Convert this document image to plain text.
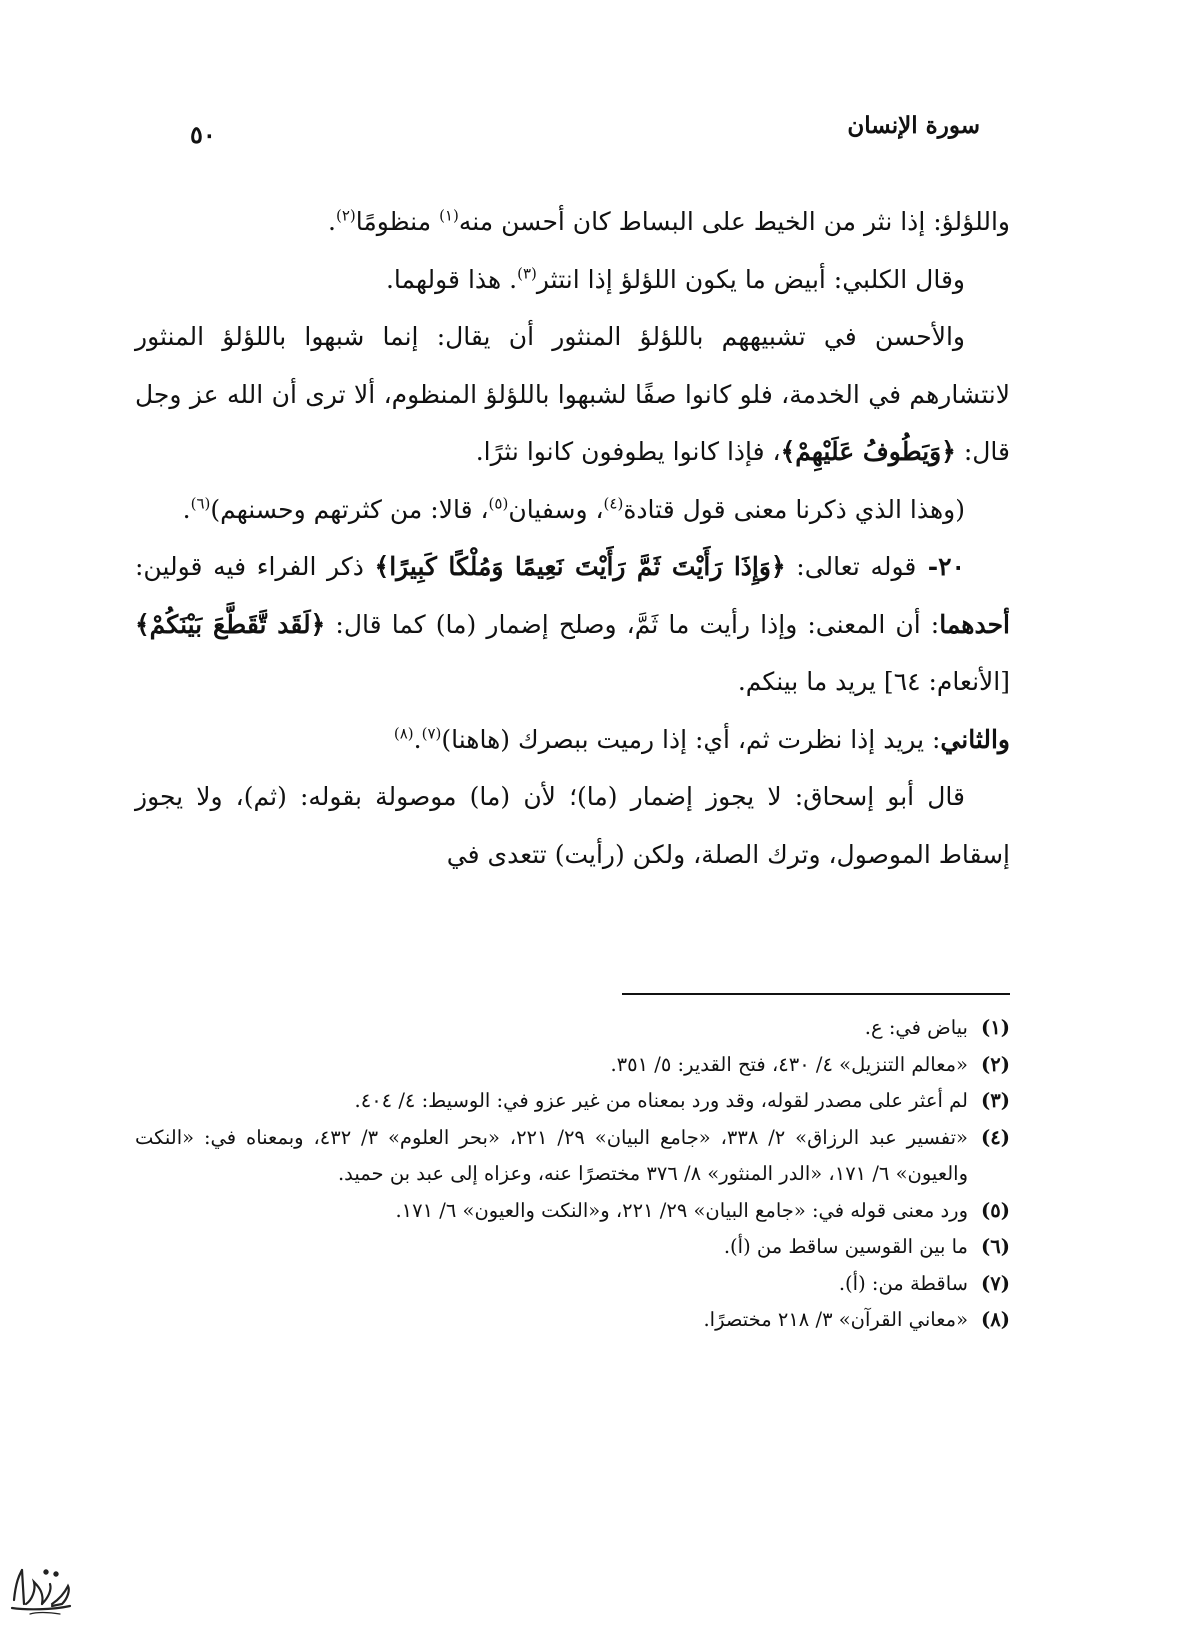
سورة الإنسان
٥٠

واللؤلؤ: إذا نثر من الخيط على البساط كان أحسن منه$^{(١)}$ منظومًا$^{(٢)}$.

وقال الكلبي: أبيض ما يكون اللؤلؤ إذا انتثر$^{(٣)}$. هذا قولهما.

والأحسن في تشبيههم باللؤلؤ المنثور أن يقال: إنما شبهوا باللؤلؤ المنثور لانتشارهم في الخدمة، فلو كانوا صفًا لشبهوا باللؤلؤ المنظوم، ألا ترى أن الله عز وجل قال: ﴿وَيَطُوفُ عَلَيْهِمْ﴾، فإذا كانوا يطوفون كانوا نثرًا.

(وهذا الذي ذكرنا معنى قول قتادة$^{(٤)}$، وسفيان$^{(٥)}$، قالا: من كثرتهم وحسنهم)$^{(٦)}$.

٢٠- قوله تعالى: ﴿وَإِذَا رَأَيْتَ ثَمَّ رَأَيْتَ نَعِيمًا وَمُلْكًا كَبِيرًا﴾ ذكر الفراء فيه قولين: أحدهما: أن المعنى: وإذا رأيت ما ثَمَّ، وصلح إضمار (ما) كما قال: ﴿لَقَد تَّقَطَّعَ بَيْنَكُمْ﴾ [الأنعام: ٦٤] يريد ما بينكم.

والثاني: يريد إذا نظرت ثم، أي: إذا رميت ببصرك (هاهنا)$^{(٧)}$.$^{(٨)}$

قال أبو إسحاق: لا يجوز إضمار (ما)؛ لأن (ما) موصولة بقوله: (ثم)، ولا يجوز إسقاط الموصول، وترك الصلة، ولكن (رأيت) تتعدى في

(١)
بياض في: ع.
(٢)
«معالم التنزيل» ٤/ ٤٣٠، فتح القدير: ٥/ ٣٥١.
(٣)
لم أعثر على مصدر لقوله، وقد ورد بمعناه من غير عزو في: الوسيط: ٤/ ٤٠٤.
(٤)
«تفسير عبد الرزاق» ٢/ ٣٣٨، «جامع البيان» ٢٩/ ٢٢١، «بحر العلوم» ٣/ ٤٣٢، وبمعناه في: «النكت والعيون» ٦/ ١٧١، «الدر المنثور» ٨/ ٣٧٦ مختصرًا عنه، وعزاه إلى عبد بن حميد.
(٥)
ورد معنى قوله في: «جامع البيان» ٢٩/ ٢٢١، و«النكت والعيون» ٦/ ١٧١.
(٦)
ما بين القوسين ساقط من (أ).
(٧)
ساقطة من: (أ).
(٨)
«معاني القرآن» ٣/ ٢١٨ مختصرًا.
